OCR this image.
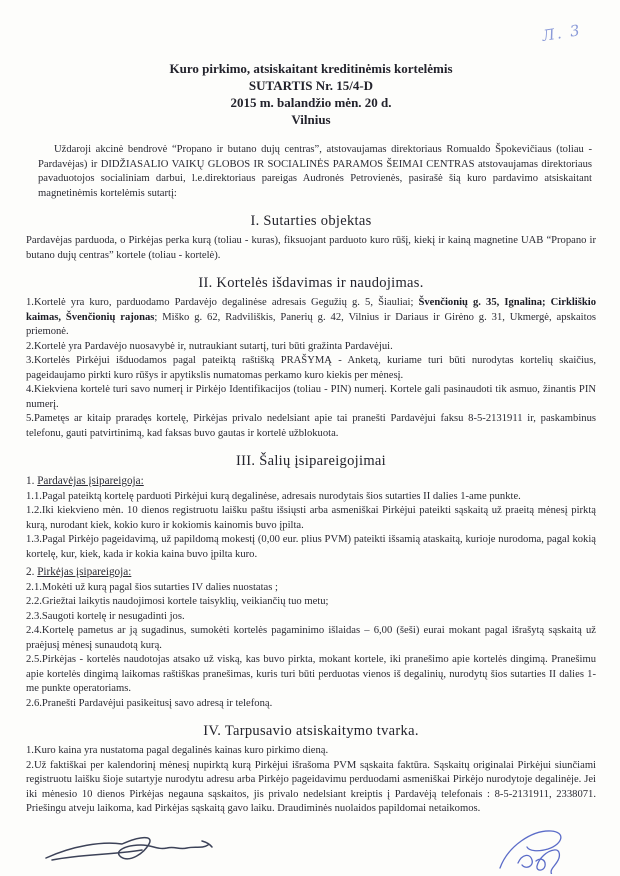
Л. 3
Kuro pirkimo, atsiskaitant kreditinėmis kortelėmis
SUTARTIS Nr. 15/4-D
2015 m. balandžio mėn. 20 d.
Vilnius

Uždaroji akcinė bendrovė “Propano ir butano dujų centras”, atstovaujamas direktoriaus Romualdo Špokevičiaus (toliau - Pardavėjas) ir DIDŽIASALIO VAIKŲ GLOBOS IR SOCIALINĖS PARAMOS ŠEIMAI CENTRAS atstovaujamas direktoriaus pavaduotojos socialiniam darbui, l.e.direktoriaus pareigas Audronės Petrovienės, pasirašė šią kuro pardavimo atsiskaitant magnetinėmis kortelėmis sutartį:

I. Sutarties objektas

Pardavėjas parduoda, o Pirkėjas perka kurą (toliau - kuras), fiksuojant parduoto kuro rūšį, kiekį ir kainą magnetine UAB “Propano ir butano dujų centras” kortele (toliau - kortelė).

II. Kortelės išdavimas ir naudojimas.

1.Kortelė yra kuro, parduodamo Pardavėjo degalinėse adresais Gegužių g. 5, Šiauliai; Švenčionių g. 35, Ignalina; Cirkliškio kaimas, Švenčionių rajonas; Miško g. 62, Radviliškis, Panerių g. 42, Vilnius ir Dariaus ir Girėno g. 31, Ukmergė, apskaitos priemonė.

2.Kortelė yra Pardavėjo nuosavybė ir, nutraukiant sutartį, turi būti gražinta Pardavėjui.

3.Kortelės Pirkėjui išduodamos pagal pateiktą raštišką PRAŠYMĄ - Anketą, kuriame turi būti nurodytas kortelių skaičius, pageidaujamo pirkti kuro rūšys ir apytikslis numatomas perkamo kuro kiekis per mėnesį.

4.Kiekviena kortelė turi savo numerį ir Pirkėjo Identifikacijos (toliau - PIN) numerį. Kortele gali pasinaudoti tik asmuo, žinantis PIN numerį.

5.Pametęs ar kitaip praradęs kortelę, Pirkėjas privalo nedelsiant apie tai pranešti Pardavėjui faksu 8-5-2131911 ir, paskambinus telefonu, gauti patvirtinimą, kad faksas buvo gautas ir kortelė užblokuota.

III. Šalių įsipareigojimai

1. Pardavėjas įsipareigoja:

1.1.Pagal pateiktą kortelę parduoti Pirkėjui kurą degalinėse, adresais nurodytais šios sutarties II dalies 1-ame punkte.

1.2.Iki kiekvieno mėn. 10 dienos registruotu laišku paštu išsiųsti arba asmeniškai Pirkėjui pateikti sąskaitą už praeitą mėnesį pirktą kurą, nurodant kiek, kokio kuro ir kokiomis kainomis buvo įpilta.

1.3.Pagal Pirkėjo pageidavimą, už papildomą mokestį (0,00 eur. plius PVM) pateikti išsamią ataskaitą, kurioje nurodoma, pagal kokią kortelę, kur, kiek, kada ir kokia kaina buvo įpilta kuro.

2. Pirkėjas įsipareigoja:

2.1.Mokėti už kurą pagal šios sutarties IV dalies nuostatas ;

2.2.Griežtai laikytis naudojimosi kortele taisyklių, veikiančių tuo metu;

2.3.Saugoti kortelę ir nesugadinti jos.

2.4.Kortelę pametus ar ją sugadinus, sumokėti kortelės pagaminimo išlaidas – 6,00 (šeši) eurai mokant pagal išrašytą sąskaitą už praėjusį mėnesį sunaudotą kurą.

2.5.Pirkėjas - kortelės naudotojas atsako už viską, kas buvo pirkta, mokant kortele, iki pranešimo apie kortelės dingimą. Pranešimu apie kortelės dingimą laikomas raštiškas pranešimas, kuris turi būti perduotas vienos iš degalinių, nurodytų šios sutarties II dalies 1-me punkte operatoriams.

2.6.Pranešti Pardavėjui pasikeitusį savo adresą ir telefoną.

IV. Tarpusavio atsiskaitymo tvarka.

1.Kuro kaina yra nustatoma pagal degalinės kainas kuro pirkimo dieną.

2.Už faktiškai per kalendorinį mėnesį nupirktą kurą Pirkėjui išrašoma PVM sąskaita faktūra. Sąskaitų originalai Pirkėjui siunčiami registruotu laišku šioje sutartyje nurodytu adresu arba Pirkėjo pageidavimu perduodami asmeniškai Pirkėjo nurodytoje degalinėje. Jei iki mėnesio 10 dienos Pirkėjas negauna sąskaitos, jis privalo nedelsiant kreiptis į Pardavėją telefonais : 8-5-2131911, 2338071. Priešingu atveju laikoma, kad Pirkėjas sąskaitą gavo laiku. Draudiminės nuolaidos papildomai netaikomos.
